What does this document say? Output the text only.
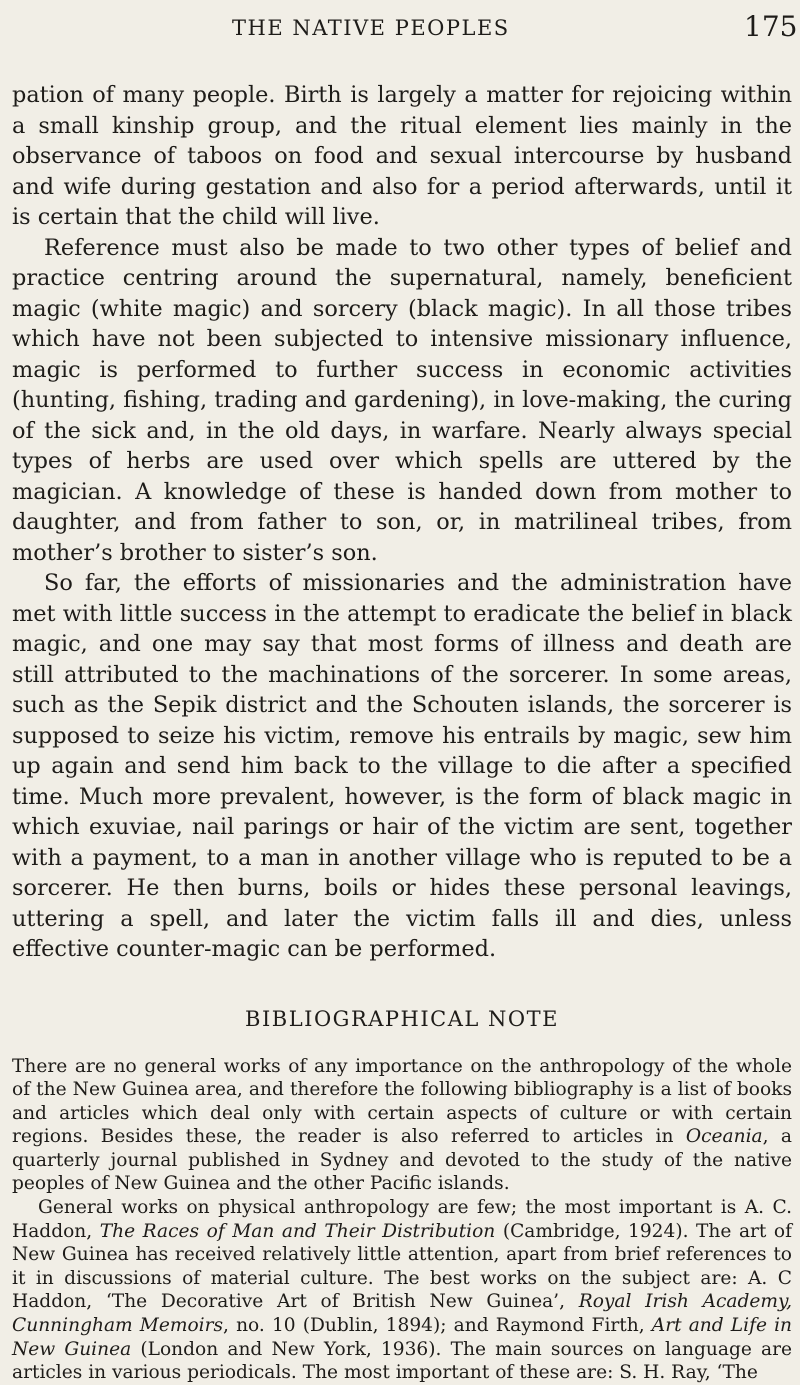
THE NATIVE PEOPLES	175

pation of many people. Birth is largely a matter for rejoicing within a small kinship group, and the ritual element lies mainly in the observance of taboos on food and sexual intercourse by husband and wife during gestation and also for a period afterwards, until it is certain that the child will live.

Reference must also be made to two other types of belief and practice centring around the supernatural, namely, beneficient magic (white magic) and sorcery (black magic). In all those tribes which have not been subjected to intensive missionary influence, magic is performed to further success in economic activities (hunting, fishing, trading and gardening), in love-making, the curing of the sick and, in the old days, in warfare. Nearly always special types of herbs are used over which spells are uttered by the magician. A knowledge of these is handed down from mother to daughter, and from father to son, or, in matrilineal tribes, from mother’s brother to sister’s son.

So far, the efforts of missionaries and the administration have met with little success in the attempt to eradicate the belief in black magic, and one may say that most forms of illness and death are still attributed to the machinations of the sorcerer. In some areas, such as the Sepik district and the Schouten islands, the sorcerer is supposed to seize his victim, remove his entrails by magic, sew him up again and send him back to the village to die after a specified time. Much more prevalent, however, is the form of black magic in which exuviae, nail parings or hair of the victim are sent, together with a payment, to a man in another village who is reputed to be a sorcerer. He then burns, boils or hides these personal leavings, uttering a spell, and later the victim falls ill and dies, unless effective counter-magic can be performed.

BIBLIOGRAPHICAL NOTE

There are no general works of any importance on the anthropology of the whole of the New Guinea area, and therefore the following bibliography is a list of books and articles which deal only with certain aspects of culture or with certain regions. Besides these, the reader is also referred to articles in Oceania, a quarterly journal published in Sydney and devoted to the study of the native peoples of New Guinea and the other Pacific islands.

General works on physical anthropology are few; the most important is A. C. Haddon, The Races of Man and Their Distribution (Cambridge, 1924). The art of New Guinea has received relatively little attention, apart from brief references to it in discussions of material culture. The best works on the subject are: A. C Haddon, ‘The Decorative Art of British New Guinea’, Royal Irish Academy, Cunningham Memoirs, no. 10 (Dublin, 1894); and Raymond Firth, Art and Life in New Guinea (London and New York, 1936). The main sources on language are articles in various periodicals. The most important of these are: S. H. Ray, ‘The
